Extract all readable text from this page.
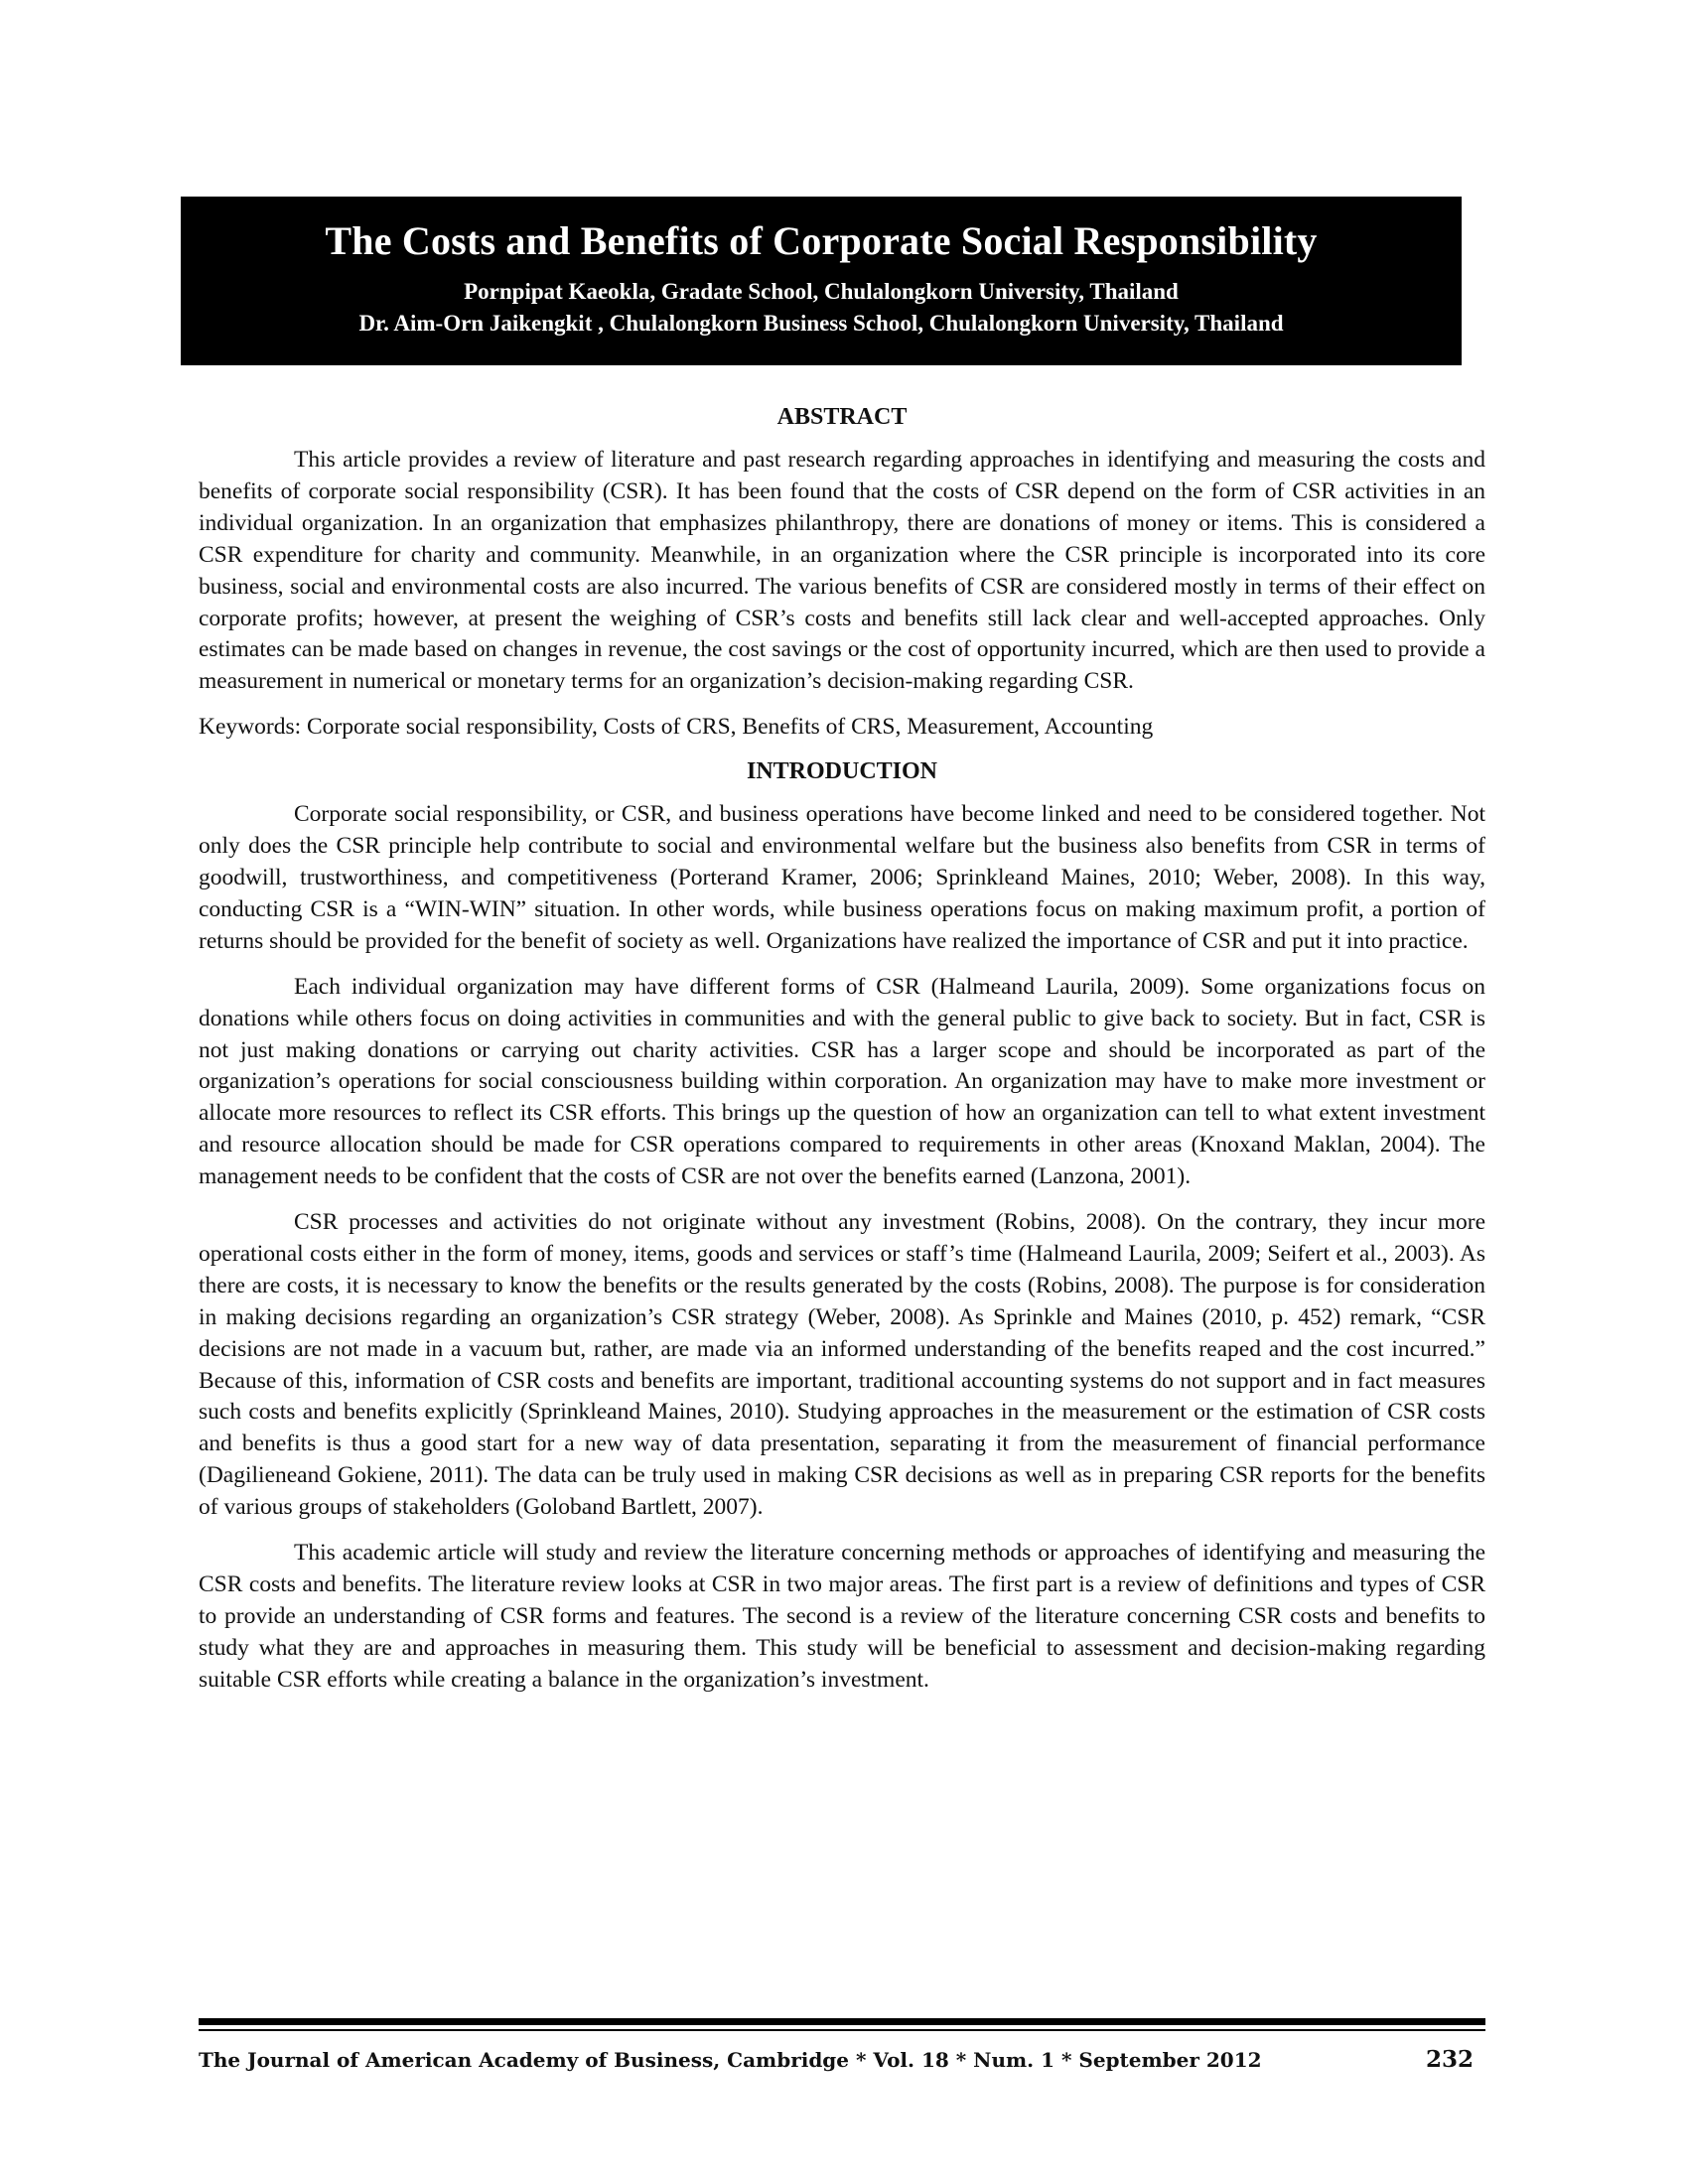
The Costs and Benefits of Corporate Social Responsibility
Pornpipat Kaeokla, Gradate School, Chulalongkorn University, Thailand
Dr. Aim-Orn Jaikengkit , Chulalongkorn Business School, Chulalongkorn University, Thailand
ABSTRACT

This article provides a review of literature and past research regarding approaches in identifying and measuring the costs and benefits of corporate social responsibility (CSR). It has been found that the costs of CSR depend on the form of CSR activities in an individual organization. In an organization that emphasizes philanthropy, there are donations of money or items. This is considered a CSR expenditure for charity and community. Meanwhile, in an organization where the CSR principle is incorporated into its core business, social and environmental costs are also incurred. The various benefits of CSR are considered mostly in terms of their effect on corporate profits; however, at present the weighing of CSR’s costs and benefits still lack clear and well-accepted approaches. Only estimates can be made based on changes in revenue, the cost savings or the cost of opportunity incurred, which are then used to provide a measurement in numerical or monetary terms for an organization’s decision-making regarding CSR.

Keywords: Corporate social responsibility, Costs of CRS, Benefits of CRS, Measurement, Accounting

INTRODUCTION

Corporate social responsibility, or CSR, and business operations have become linked and need to be considered together. Not only does the CSR principle help contribute to social and environmental welfare but the business also benefits from CSR in terms of goodwill, trustworthiness, and competitiveness (Porterand Kramer, 2006; Sprinkleand Maines, 2010; Weber, 2008). In this way, conducting CSR is a “WIN-WIN” situation. In other words, while business operations focus on making maximum profit, a portion of returns should be provided for the benefit of society as well. Organizations have realized the importance of CSR and put it into practice.

Each individual organization may have different forms of CSR (Halmeand Laurila, 2009). Some organizations focus on donations while others focus on doing activities in communities and with the general public to give back to society. But in fact, CSR is not just making donations or carrying out charity activities. CSR has a larger scope and should be incorporated as part of the organization’s operations for social consciousness building within corporation. An organization may have to make more investment or allocate more resources to reflect its CSR efforts. This brings up the question of how an organization can tell to what extent investment and resource allocation should be made for CSR operations compared to requirements in other areas (Knoxand Maklan, 2004). The management needs to be confident that the costs of CSR are not over the benefits earned (Lanzona, 2001).

CSR processes and activities do not originate without any investment (Robins, 2008). On the contrary, they incur more operational costs either in the form of money, items, goods and services or staff’s time (Halmeand Laurila, 2009; Seifert et al., 2003). As there are costs, it is necessary to know the benefits or the results generated by the costs (Robins, 2008). The purpose is for consideration in making decisions regarding an organization’s CSR strategy (Weber, 2008). As Sprinkle and Maines (2010, p. 452) remark, “CSR decisions are not made in a vacuum but, rather, are made via an informed understanding of the benefits reaped and the cost incurred.” Because of this, information of CSR costs and benefits are important, traditional accounting systems do not support and in fact measures such costs and benefits explicitly (Sprinkleand Maines, 2010). Studying approaches in the measurement or the estimation of CSR costs and benefits is thus a good start for a new way of data presentation, separating it from the measurement of financial performance (Dagilieneand Gokiene, 2011). The data can be truly used in making CSR decisions as well as in preparing CSR reports for the benefits of various groups of stakeholders (Goloband Bartlett, 2007).

This academic article will study and review the literature concerning methods or approaches of identifying and measuring the CSR costs and benefits. The literature review looks at CSR in two major areas. The first part is a review of definitions and types of CSR to provide an understanding of CSR forms and features. The second is a review of the literature concerning CSR costs and benefits to study what they are and approaches in measuring them. This study will be beneficial to assessment and decision-making regarding suitable CSR efforts while creating a balance in the organization’s investment.

The Journal of American Academy of Business, Cambridge * Vol. 18 * Num. 1 * September 2012	232
